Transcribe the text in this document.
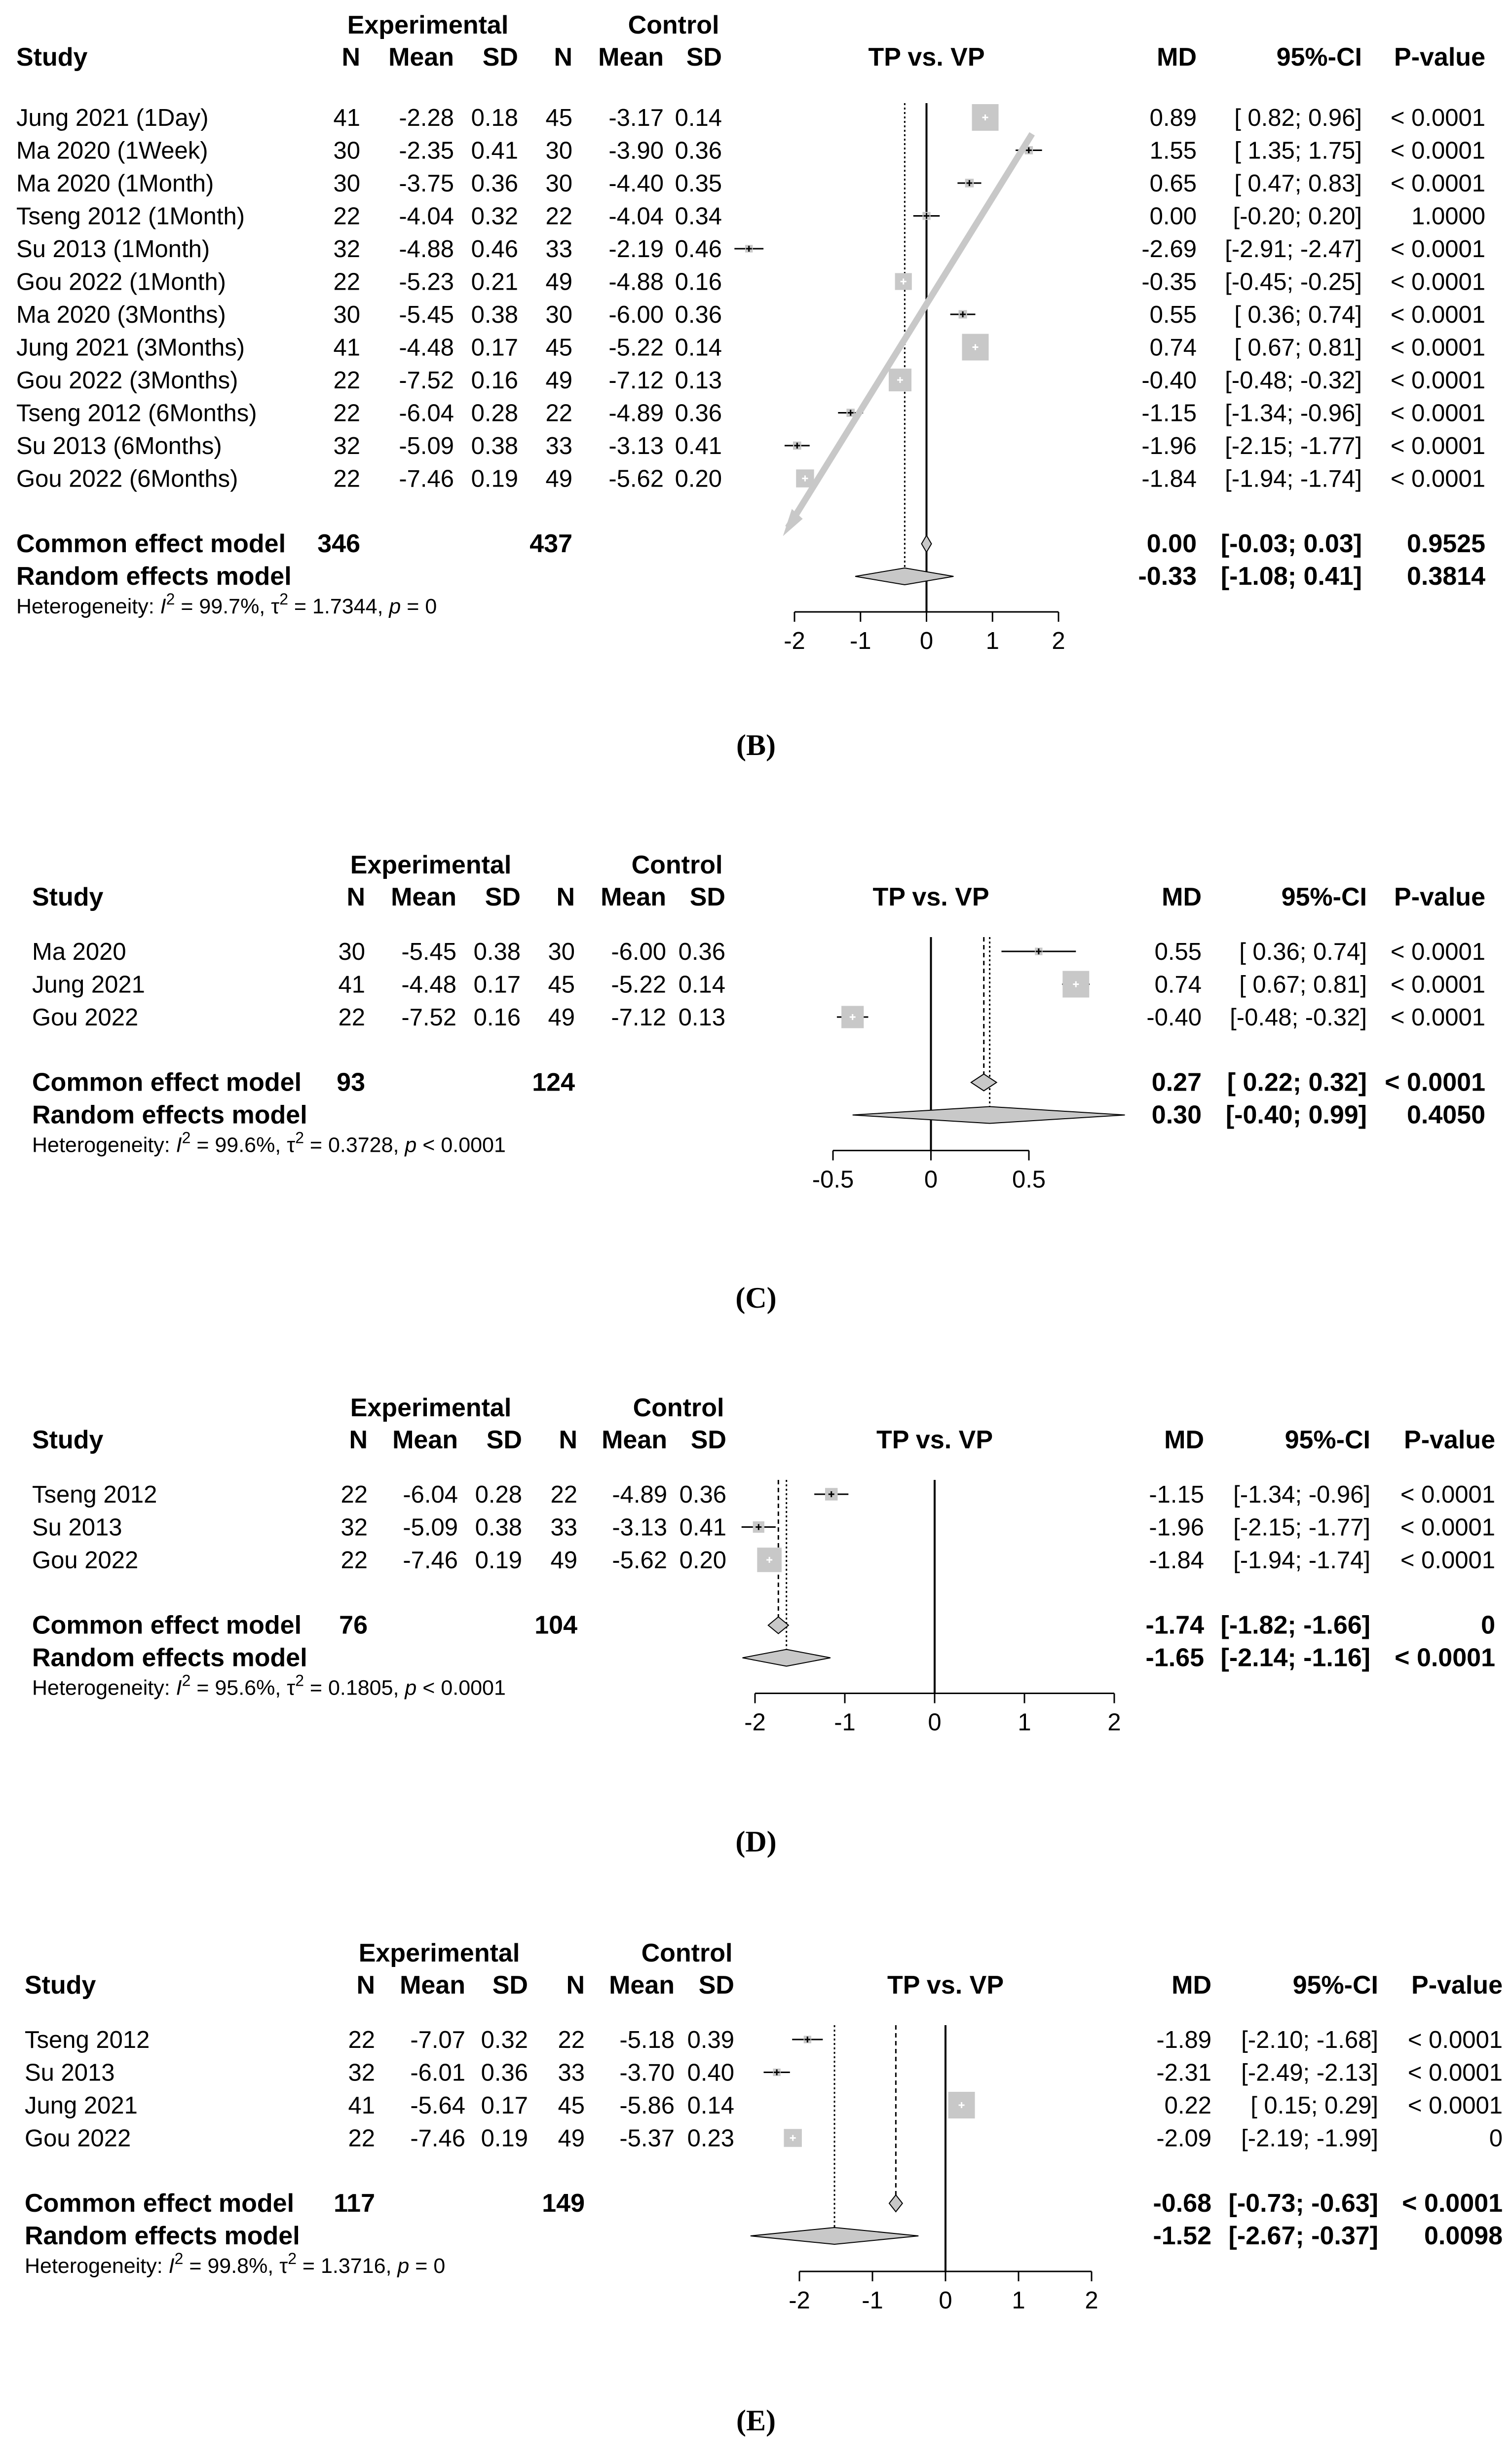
Experimental	Control
Study	N Mean SD N Mean SD	TP vs. VP	MD	95%-CI P-value
Jung 2021 (1Day)	41 -2.28 0.18 45 -3.17 0.14	0.89 [ 0.82; 0.96] < 0.0001
Ma 2020 (1Week)	30 -2.35 0.41 30 -3.90 0.36	1.55 [ 1.35; 1.75] < 0.0001
Ma 2020 (1Month)	30 -3.75 0.36 30 -4.40 0.35	0.65 [ 0.47; 0.83] < 0.0001
Tseng 2012 (1Month)	22 -4.04 0.32 22 -4.04 0.34	0.00 [-0.20; 0.20] 1.0000
Su 2013 (1Month)	32 -4.88 0.46 33 -2.19 0.46	-2.69 [-2.91; -2.47] < 0.0001
Gou 2022 (1Month)	22 -5.23 0.21 49 -4.88 0.16	-0.35 [-0.45; -0.25] < 0.0001
Ma 2020 (3Months)	30 -5.45 0.38 30 -6.00 0.36	0.55 [ 0.36; 0.74] < 0.0001
Jung 2021 (3Months)	41 -4.48 0.17 45 -5.22 0.14	0.74 [ 0.67; 0.81] < 0.0001
Gou 2022 (3Months)	22 -7.52 0.16 49 -7.12 0.13	-0.40 [-0.48; -0.32] < 0.0001
Tseng 2012 (6Months)	22 -6.04 0.28 22 -4.89 0.36	-1.15 [-1.34; -0.96] < 0.0001
Su 2013 (6Months)	32 -5.09 0.38 33 -3.13 0.41	-1.96 [-2.15; -1.77] < 0.0001
Gou 2022 (6Months)	22 -7.46 0.19 49 -5.62 0.20	-1.84 [-1.94; -1.74] < 0.0001
Common effect model 346	437	0.00 [-0.03; 0.03] 0.9525
Random effects model	-0.33 [-1.08; 0.41] 0.3814
Heterogeneity: $I^2 = 99.7\%$, $\tau^2 = 1.7344$, p = 0
-2 -1 0 1 2
(B)
Experimental	Control
Study	N Mean SD N Mean SD	TP vs. VP	MD	95%-CI P-value
Ma 2020	30 -5.45 0.38 30 -6.00 0.36	0.55 [ 0.36; 0.74] < 0.0001
Jung 2021	41 -4.48 0.17 45 -5.22 0.14	0.74 [ 0.67; 0.81] < 0.0001
Gou 2022	22 -7.52 0.16 49 -7.12 0.13	-0.40 [-0.48; -0.32] < 0.0001
Common effect model 93	124	0.27 [ 0.22; 0.32] < 0.0001
Random effects model	0.30 [-0.40; 0.99] 0.4050
Heterogeneity: $I^2 = 99.6\%$, $\tau^2 = 0.3728$, p < 0.0001
-0.5	0	0.5
(C)
Experimental	Control
Study	N Mean SD N Mean SD	TP vs. VP	MD	95%-CI P-value
Tseng 2012	22 -6.04 0.28 22 -4.89 0.36	-1.15 [-1.34; -0.96] < 0.0001
Su 2013	32 -5.09 0.38 33 -3.13 0.41	-1.96 [-2.15; -1.77] < 0.0001
Gou 2022	22 -7.46 0.19 49 -5.62 0.20	-1.84 [-1.94; -1.74] < 0.0001
Common effect model 76	104	-1.74 [-1.82; -1.66]	0
Random effects model	-1.65 [-2.14; -1.16] < 0.0001
Heterogeneity: $I^2 = 95.6\%$, $\tau^2 = 0.1805$, p < 0.0001
-2	-1	0	1	2
(D)
Experimental	Control
Study	N Mean SD N Mean SD	TP vs. VP	MD	95%-CI P-value
Tseng 2012	22 -7.07 0.32 22 -5.18 0.39	-1.89 [-2.10; -1.68] < 0.0001
Su 2013	32 -6.01 0.36 33 -3.70 0.40	-2.31 [-2.49; -2.13] < 0.0001
Jung 2021	41 -5.64 0.17 45 -5.86 0.14	0.22 [ 0.15; 0.29] < 0.0001
Gou 2022	22 -7.46 0.19 49 -5.37 0.23	-2.09 [-2.19; -1.99]	0
Common effect model 117	149	-0.68 [-0.73; -0.63] < 0.0001
Random effects model	-1.52 [-2.67; -0.37] 0.0098
Heterogeneity: $I^2 = 99.8\%$, $\tau^2 = 1.3716$, p = 0
-2 -1 0 1 2
(E)
